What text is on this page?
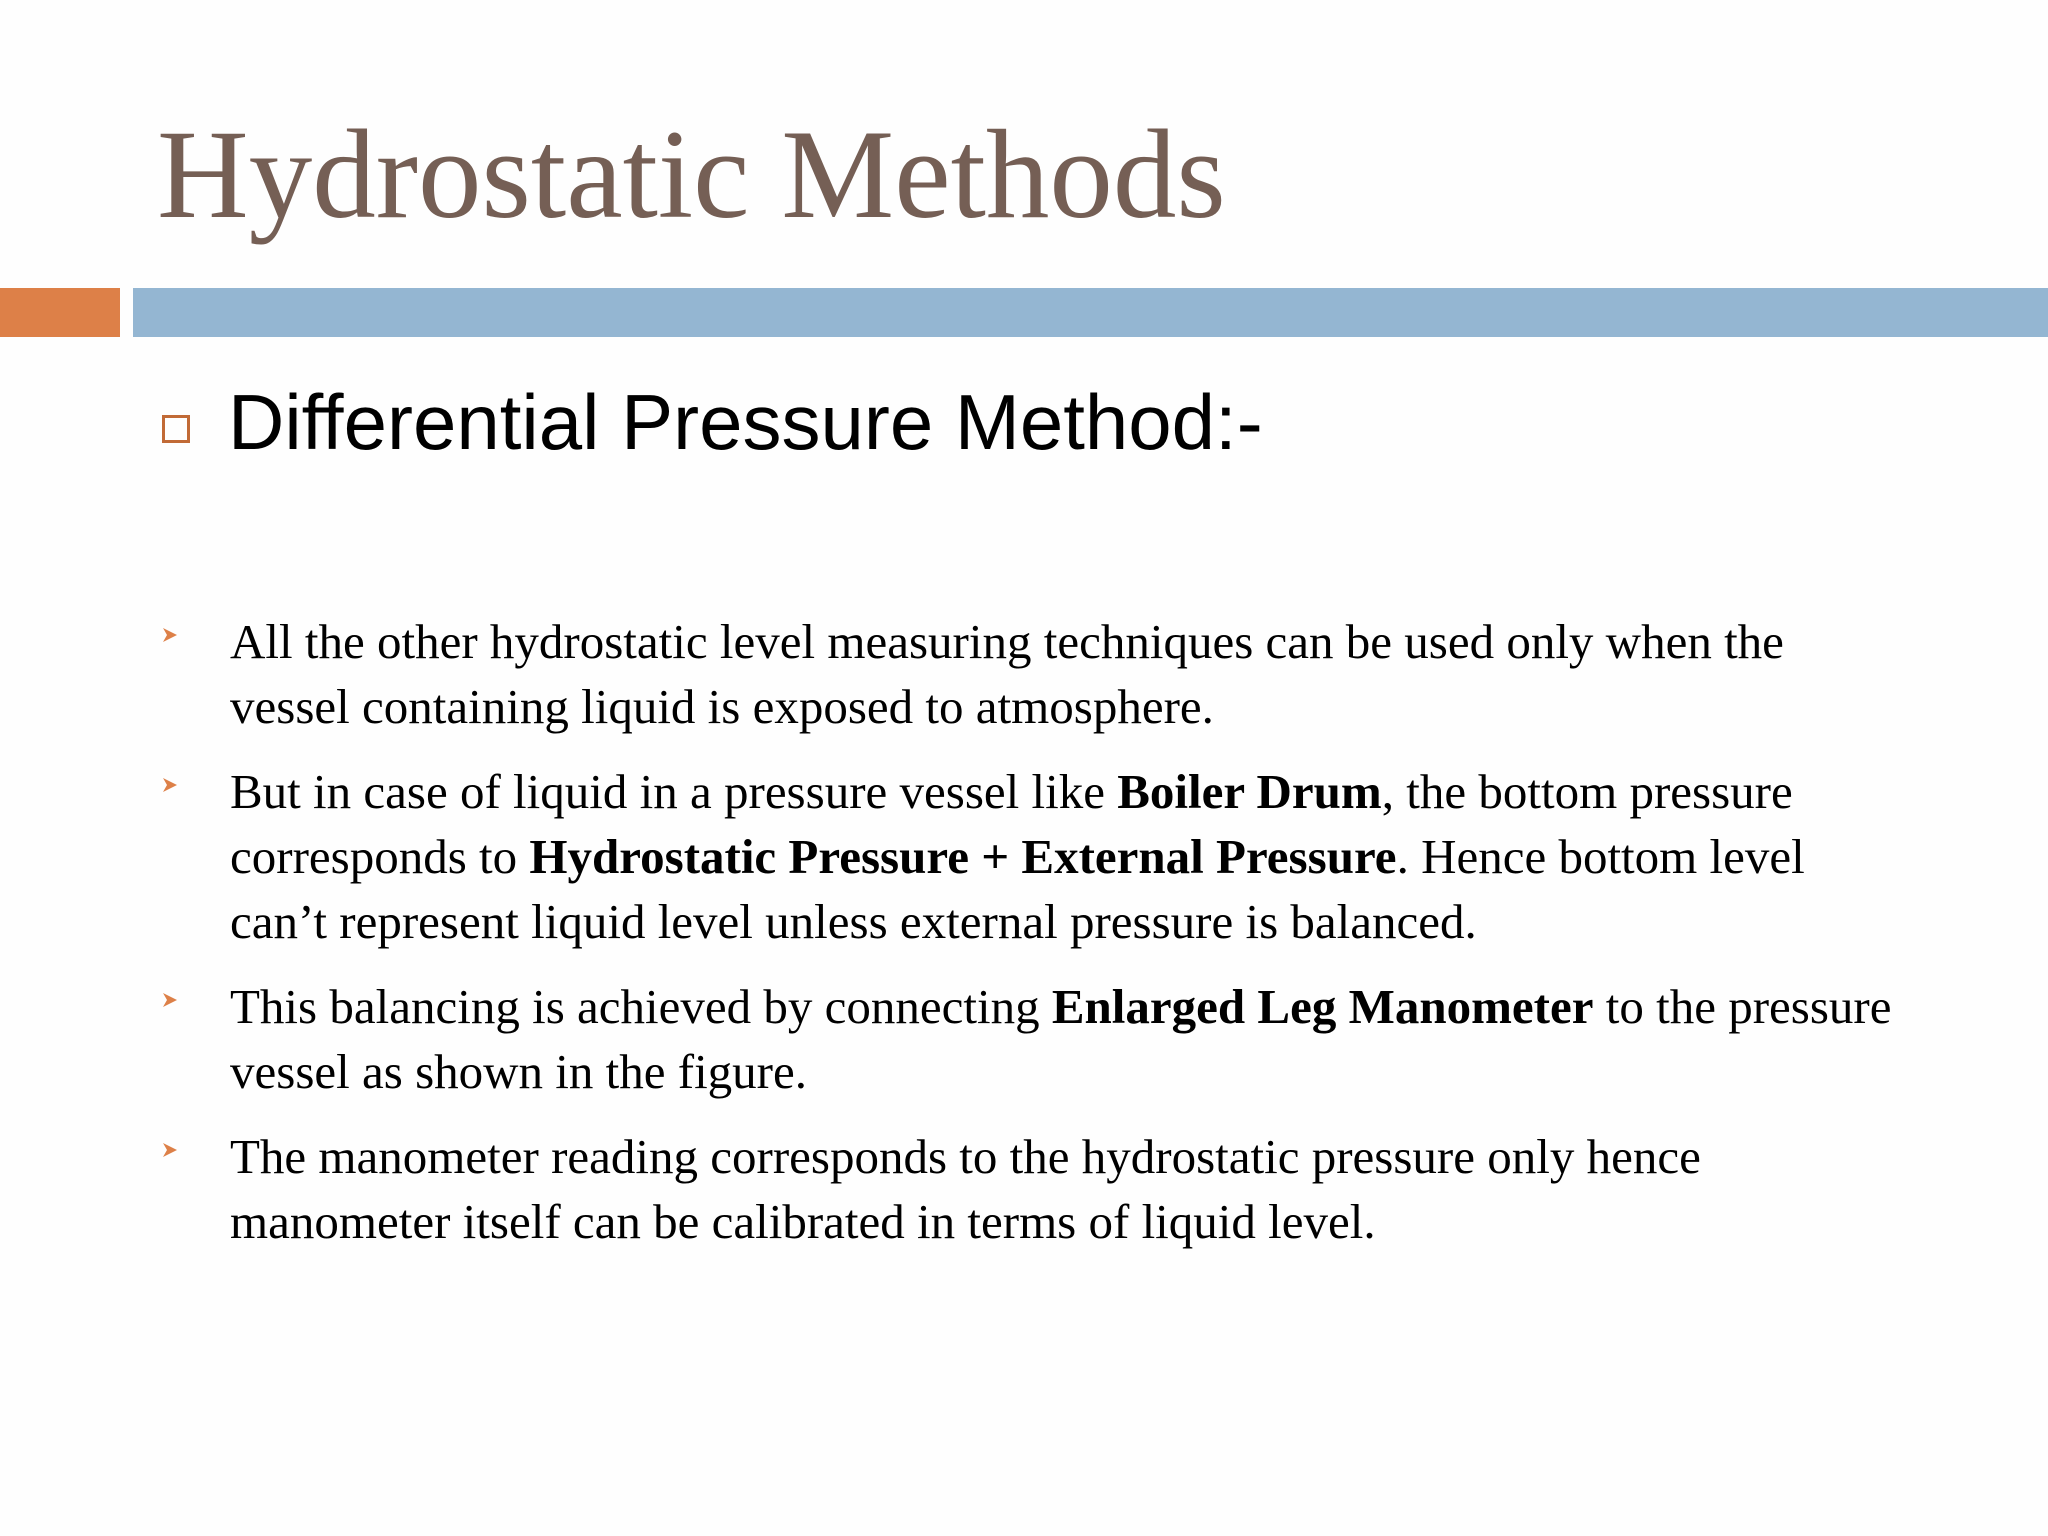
Hydrostatic Methods
Differential Pressure Method:-
All the other hydrostatic level measuring techniques can be used only when the vessel containing liquid is exposed to atmosphere.
But in case of liquid in a pressure vessel like Boiler Drum, the bottom pressure corresponds to Hydrostatic Pressure + External Pressure. Hence bottom level can’t represent liquid level unless external pressure is balanced.
This balancing is achieved by connecting Enlarged Leg Manometer to the pressure vessel as shown in the figure.
The manometer reading corresponds to the hydrostatic pressure only hence manometer itself can be calibrated in terms of liquid level.
